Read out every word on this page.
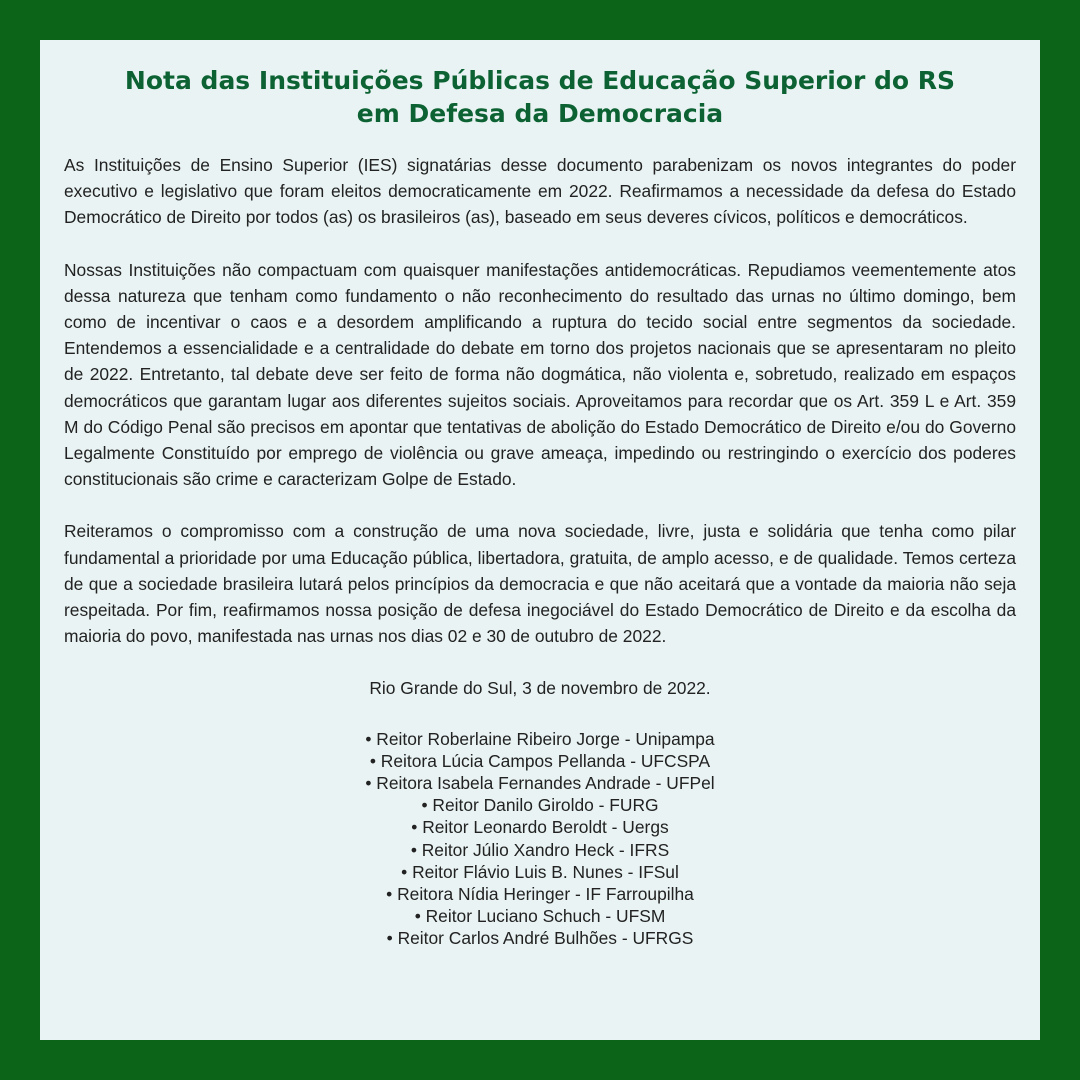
Nota das Instituições Públicas de Educação Superior do RS
em Defesa da Democracia

As Instituições de Ensino Superior (IES) signatárias desse documento parabenizam os novos integrantes do poder executivo e legislativo que foram eleitos democraticamente em 2022. Reafirmamos a necessidade da defesa do Estado Democrático de Direito por todos (as) os brasileiros (as), baseado em seus deveres cívicos, políticos e democráticos.

Nossas Instituições não compactuam com quaisquer manifestações antidemocráticas. Repudiamos veementemente atos dessa natureza que tenham como fundamento o não reconhecimento do resultado das urnas no último domingo, bem como de incentivar o caos e a desordem amplificando a ruptura do tecido social entre segmentos da sociedade. Entendemos a essencialidade e a centralidade do debate em torno dos projetos nacionais que se apresentaram no pleito de 2022. Entretanto, tal debate deve ser feito de forma não dogmática, não violenta e, sobretudo, realizado em espaços democráticos que garantam lugar aos diferentes sujeitos sociais. Aproveitamos para recordar que os Art. 359 L e Art. 359 M do Código Penal são precisos em apontar que tentativas de abolição do Estado Democrático de Direito e/ou do Governo Legalmente Constituído por emprego de violência ou grave ameaça, impedindo ou restringindo o exercício dos poderes constitucionais são crime e caracterizam Golpe de Estado.

Reiteramos o compromisso com a construção de uma nova sociedade, livre, justa e solidária que tenha como pilar fundamental a prioridade por uma Educação pública, libertadora, gratuita, de amplo acesso, e de qualidade. Temos certeza de que a sociedade brasileira lutará pelos princípios da democracia e que não aceitará que a vontade da maioria não seja respeitada. Por fim, reafirmamos nossa posição de defesa inegociável do Estado Democrático de Direito e da escolha da maioria do povo, manifestada nas urnas nos dias 02 e 30 de outubro de 2022.

Rio Grande do Sul, 3 de novembro de 2022.

• Reitor Roberlaine Ribeiro Jorge - Unipampa
• Reitora Lúcia Campos Pellanda - UFCSPA
• Reitora Isabela Fernandes Andrade - UFPel
• Reitor Danilo Giroldo - FURG
• Reitor Leonardo Beroldt - Uergs
• Reitor Júlio Xandro Heck - IFRS
• Reitor Flávio Luis B. Nunes - IFSul
• Reitora Nídia Heringer - IF Farroupilha
• Reitor Luciano Schuch - UFSM
• Reitor Carlos André Bulhões - UFRGS
